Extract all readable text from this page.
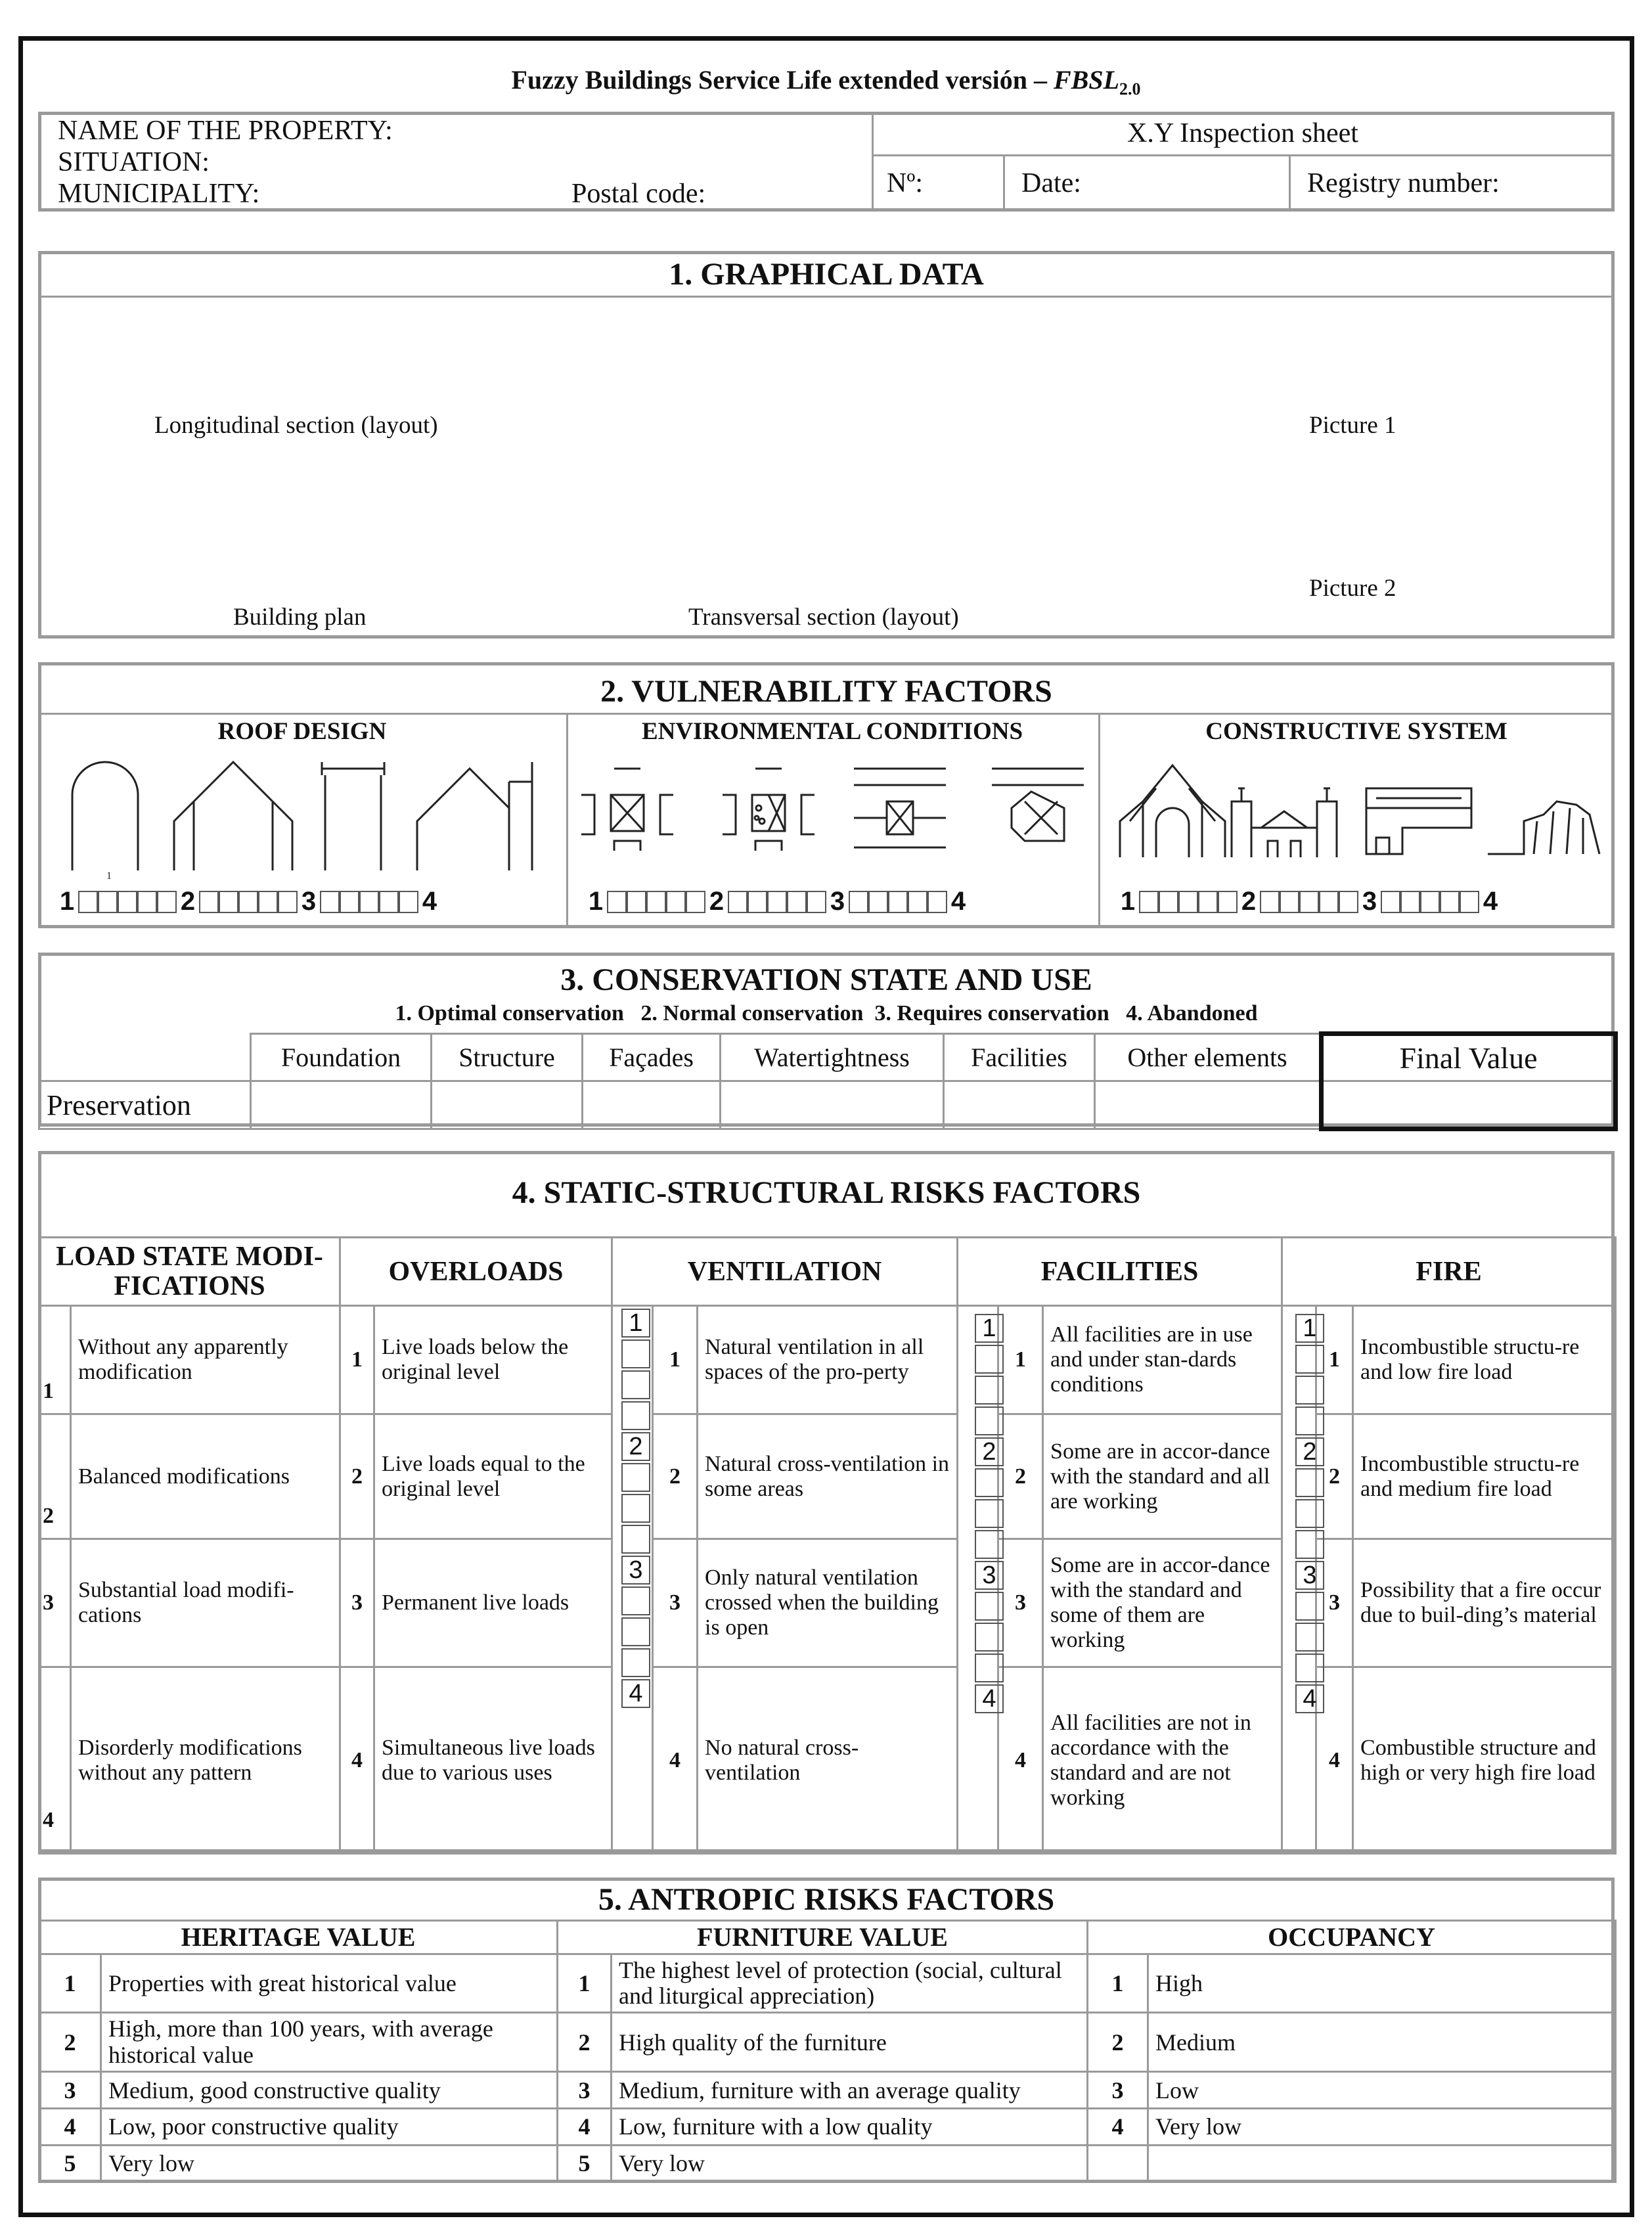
Fuzzy Buildings Service Life extended versión – $FBSL_{2.0}$
NAME OF THE PROPERTY:
SITUATION:
MUNICIPALITY:	Postal code:
X.Y Inspection sheet
Nº:	Date:	Registry number:
1. GRAPHICAL DATA
Longitudinal section (layout)	Picture 1
Picture 2
Building plan	Transversal section (layout)
2. VULNERABILITY FACTORS
ROOF DESIGN	ENVIRONMENTAL CONDITIONS	CONSTRUCTIVE SYSTEM
1
1	2	3	4	1	2	3	4	1	2	3	4
3. CONSERVATION STATE AND USE
1. Optimal conservation   2. Normal conservation  3. Requires conservation   4. Abandoned
	Foundation	Structure	Façades	Watertightness	Facilities	Other elements	Final Value
Preservation							
4. STATIC-STRUCTURAL RISKS FACTORS
LOAD STATE MODI-FICATIONS		OVERLOADS		VENTILATION			FACILITIES			FIRE		
1	Without any apparently modification	1	Live loads below the original level		1	Natural ventilation in all spaces of the pro-perty		1	All facilities are in use and under stan-dards conditions		1	Incombustible structu-re and low fire load
2	Balanced modifications	2	Live loads equal to the original level		2	Natural cross-ventilation in some areas		2	Some are in accor-dance with the standard and all are working		2	Incombustible structu-re and medium fire load
3	Substantial load modifi-cations	3	Permanent live loads		3	Only natural ventilation crossed when the building is open		3	Some are in accor-dance with the standard and some of them are working		3	Possibility that a fire occur due to buil-ding’s material
4	Disorderly modifications without any pattern	4	Simultaneous live loads due to various uses		4	No natural cross-ventilation		4	All facilities are not in accordance with the standard and are not working		4	Combustible structure and high or very high fire load
1
2
3
4
1
2
3
4
1
2
3
4
5. ANTROPIC RISKS FACTORS
HERITAGE VALUE		FURNITURE VALUE		OCCUPANCY	
1	Properties with great historical value	1	The highest level of protection (social, cultural and liturgical appreciation)	1	High
2	High, more than 100 years, with average historical value	2	High quality of the furniture	2	Medium
3	Medium, good constructive quality	3	Medium, furniture with an average quality	3	Low
4	Low, poor constructive quality	4	Low, furniture with a low quality	4	Very low
5	Very low	5	Very low		
